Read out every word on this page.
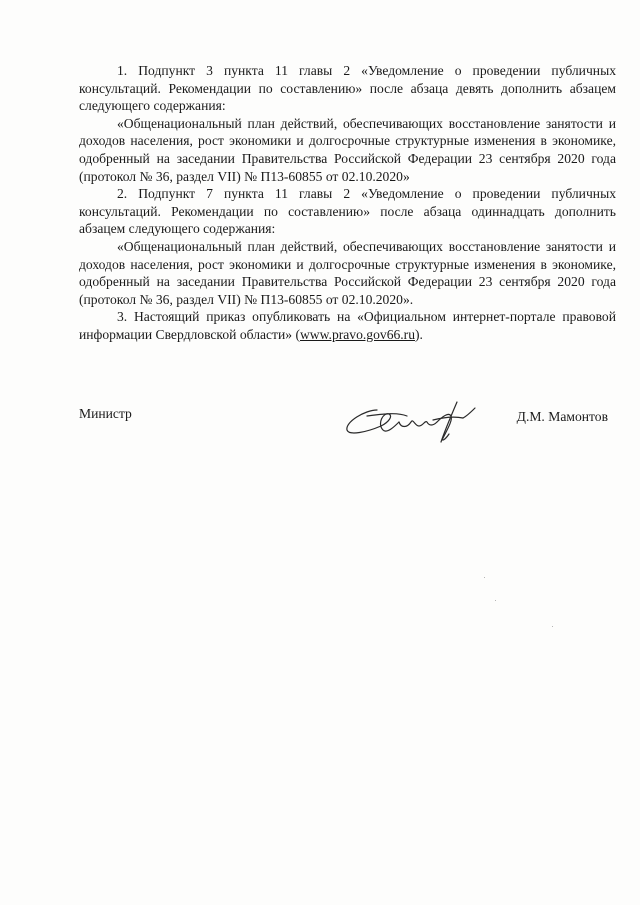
1. Подпункт 3 пункта 11 главы 2 «Уведомление о проведении публичных консультаций. Рекомендации по составлению» после абзаца девять дополнить абзацем следующего содержания:

«Общенациональный план действий, обеспечивающих восстановление занятости и доходов населения, рост экономики и долгосрочные структурные изменения в экономике, одобренный на заседании Правительства Российской Федерации 23 сентября 2020 года (протокол № 36, раздел VII) № П13-60855 от 02.10.2020»

2. Подпункт 7 пункта 11 главы 2 «Уведомление о проведении публичных консультаций. Рекомендации по составлению» после абзаца одиннадцать дополнить абзацем следующего содержания:

«Общенациональный план действий, обеспечивающих восстановление занятости и доходов населения, рост экономики и долгосрочные структурные изменения в экономике, одобренный на заседании Правительства Российской Федерации 23 сентября 2020 года (протокол № 36, раздел VII) № П13-60855 от 02.10.2020».

3. Настоящий приказ опубликовать на «Официальном интернет-портале правовой информации Свердловской области» (www.pravo.gov66.ru).

Министр	Д.М. Мамонтов
